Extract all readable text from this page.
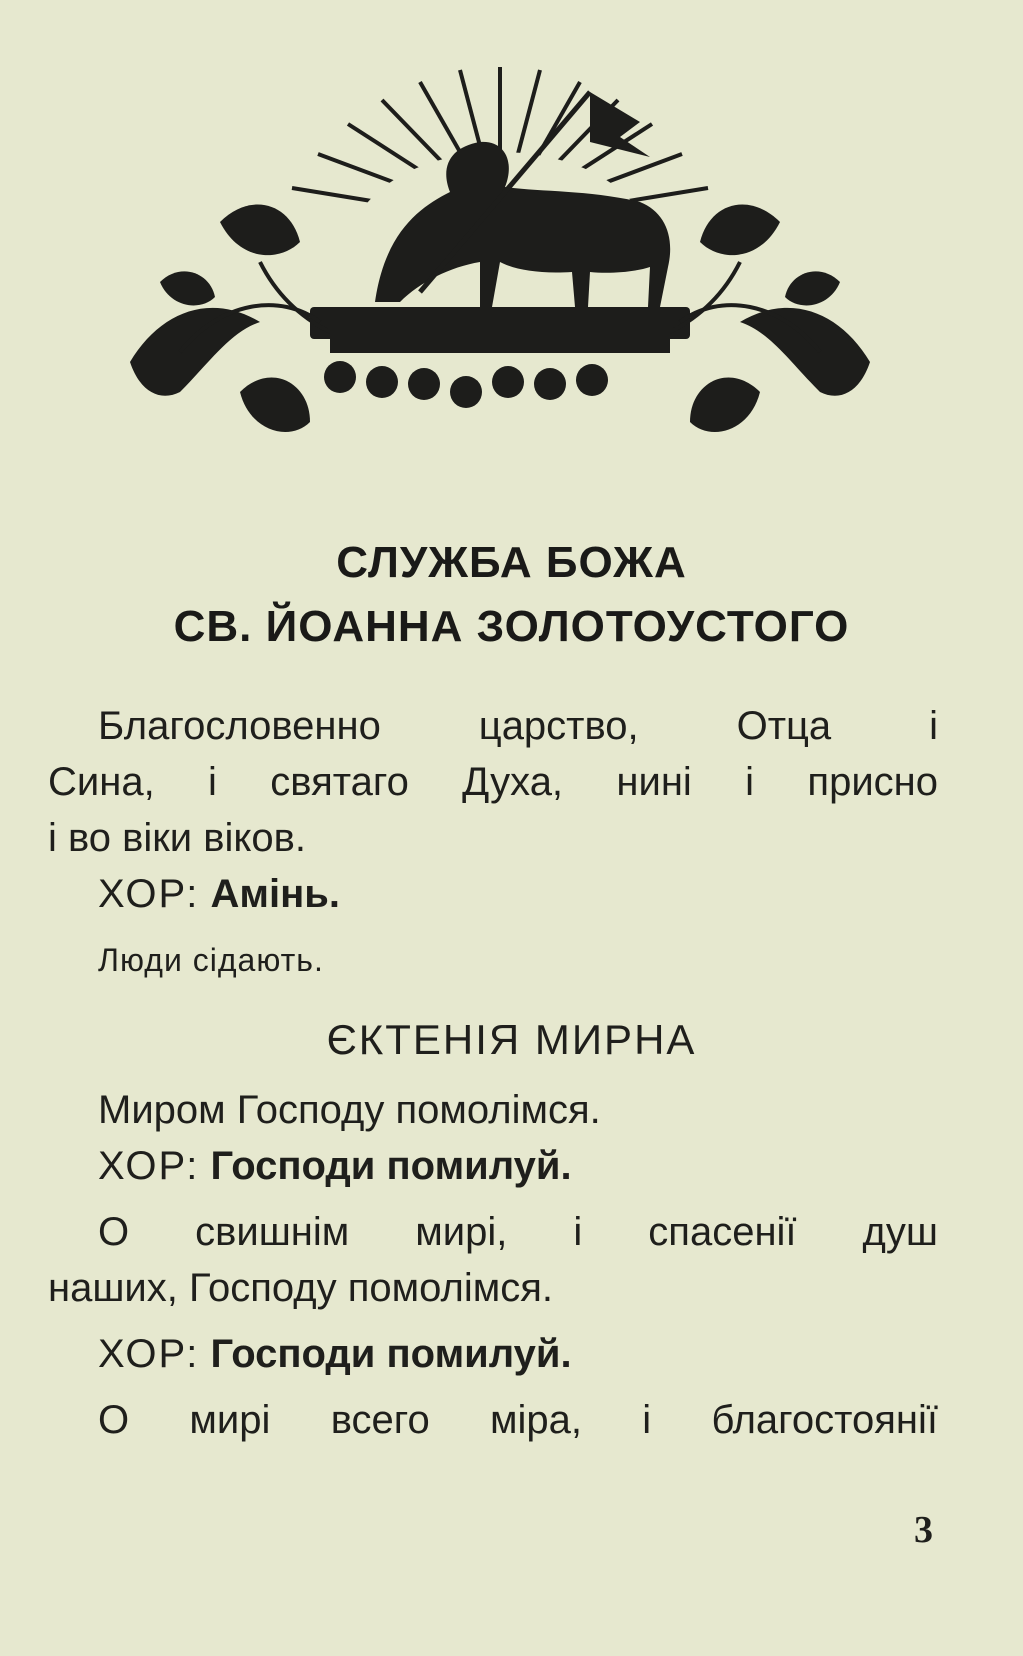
СЛУЖБА БОЖА
СВ. ЙОАННА ЗОЛОТОУСТОГО
Благословенно царство, Отца і
Сина, і святаго Духа, нині і присно
і во віки віков.
ХОР: Амінь.
Люди сідають.
ЄКТЕНІЯ МИРНА
Миром Господу помолімся.
ХОР: Господи помилуй.
О свишнім мирі, і спасенії душ
наших, Господу помолімся.
ХОР: Господи помилуй.
О мирі всего міра, і благостоянії
3
